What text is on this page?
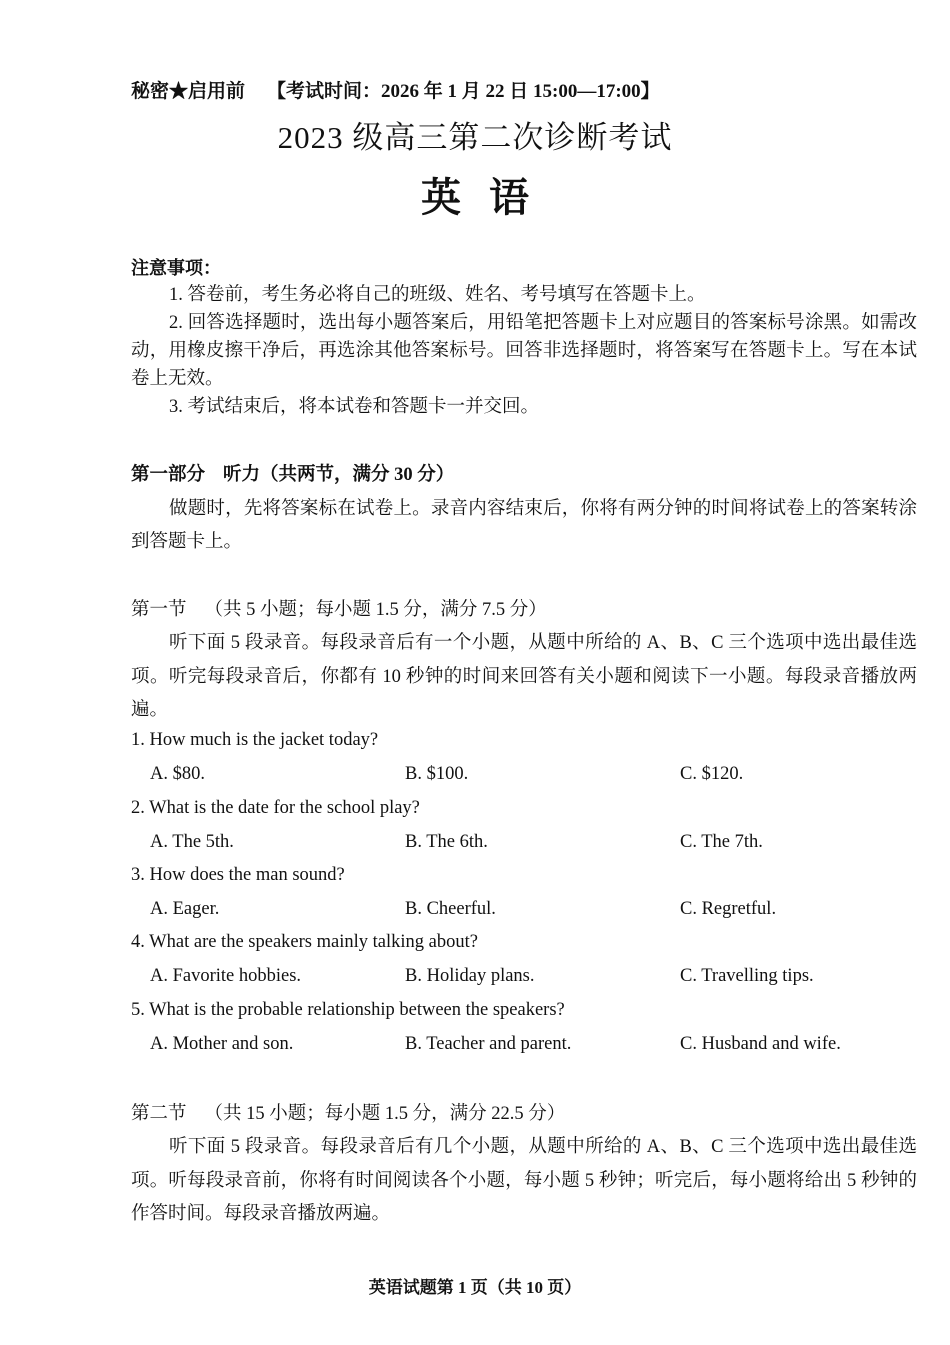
秘密★启用前 【考试时间：2026 年 1 月 22 日 15:00—17:00】
2023 级高三第二次诊断考试
英语
注意事项：
1. 答卷前，考生务必将自己的班级、姓名、考号填写在答题卡上。
2. 回答选择题时，选出每小题答案后，用铅笔把答题卡上对应题目的答案标号涂黑。如需改动，用橡皮擦干净后，再选涂其他答案标号。回答非选择题时，将答案写在答题卡上。写在本试卷上无效。
3. 考试结束后，将本试卷和答题卡一并交回。
第一部分 听力（共两节，满分 30 分）
做题时，先将答案标在试卷上。录音内容结束后，你将有两分钟的时间将试卷上的答案转涂到答题卡上。
第一节 （共 5 小题；每小题 1.5 分，满分 7.5 分）
听下面 5 段录音。每段录音后有一个小题，从题中所给的 A、B、C 三个选项中选出最佳选项。听完每段录音后，你都有 10 秒钟的时间来回答有关小题和阅读下一小题。每段录音播放两遍。
1. How much is the jacket today?
A. $80.	B. $100.	C. $120.
2. What is the date for the school play?
A. The 5th.	B. The 6th.	C. The 7th.
3. How does the man sound?
A. Eager.	B. Cheerful.	C. Regretful.
4. What are the speakers mainly talking about?
A. Favorite hobbies.	B. Holiday plans.	C. Travelling tips.
5. What is the probable relationship between the speakers?
A. Mother and son.	B. Teacher and parent.	C. Husband and wife.
第二节 （共 15 小题；每小题 1.5 分，满分 22.5 分）
听下面 5 段录音。每段录音后有几个小题，从题中所给的 A、B、C 三个选项中选出最佳选项。听每段录音前，你将有时间阅读各个小题，每小题 5 秒钟；听完后，每小题将给出 5 秒钟的作答时间。每段录音播放两遍。
英语试题第 1 页（共 10 页）
